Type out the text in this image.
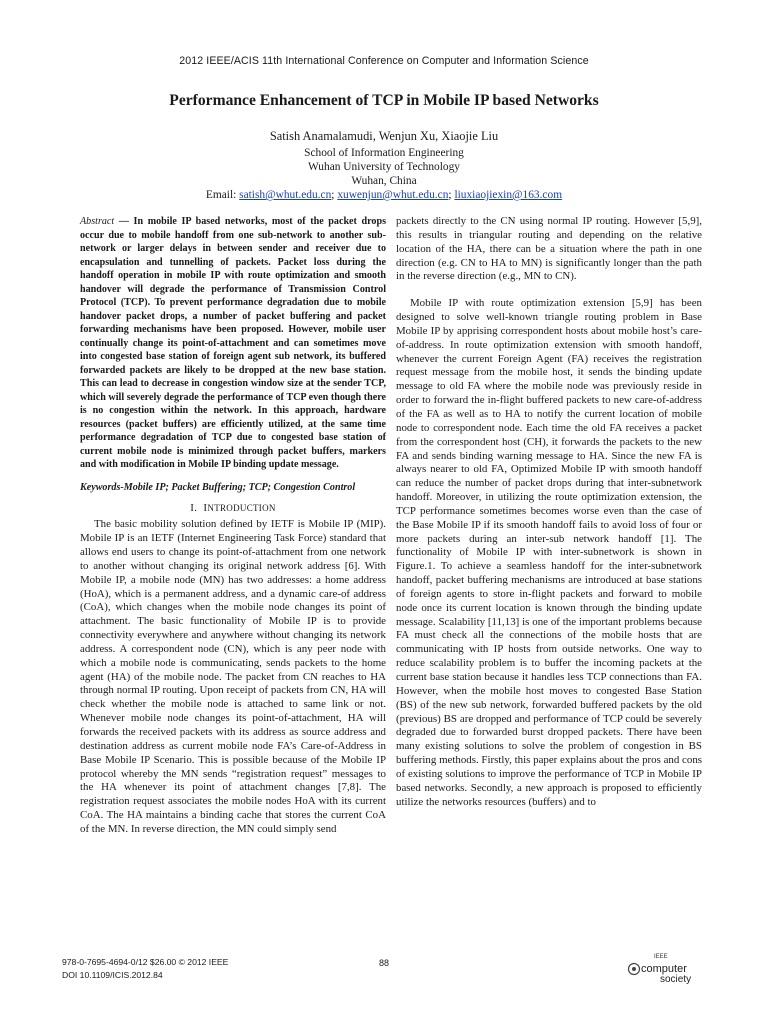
2012 IEEE/ACIS 11th International Conference on Computer and Information Science
Performance Enhancement of TCP in Mobile IP based Networks
Satish Anamalamudi, Wenjun Xu, Xiaojie Liu
School of Information Engineering
Wuhan University of Technology
Wuhan, China
Email: satish@whut.edu.cn; xuwenjun@whut.edu.cn; liuxiaojiexin@163.com
Abstract — In mobile IP based networks, most of the packet drops occur due to mobile handoff from one sub-network to another sub-network or larger delays in between sender and receiver due to encapsulation and tunnelling of packets. Packet loss during the handoff operation in mobile IP with route optimization and smooth handover will degrade the performance of Transmission Control Protocol (TCP). To prevent performance degradation due to mobile handover packet drops, a number of packet buffering and packet forwarding mechanisms have been proposed. However, mobile user continually change its point-of-attachment and can sometimes move into congested base station of foreign agent sub network, its buffered forwarded packets are likely to be dropped at the new base station. This can lead to decrease in congestion window size at the sender TCP, which will severely degrade the performance of TCP even though there is no congestion within the network. In this approach, hardware resources (packet buffers) are efficiently utilized, at the same time performance degradation of TCP due to congested base station of current mobile node is minimized through packet buffers, markers and with modification in Mobile IP binding update message.
Keywords-Mobile IP; Packet Buffering; TCP; Congestion Control
I. INTRODUCTION

The basic mobility solution defined by IETF is Mobile IP (MIP). Mobile IP is an IETF (Internet Engineering Task Force) standard that allows end users to change its point-of-attachment from one network to another without changing its original network address [6]. With Mobile IP, a mobile node (MN) has two addresses: a home address (HoA), which is a permanent address, and a dynamic care-of address (CoA), which changes when the mobile node changes its point of attachment. The basic functionality of Mobile IP is to provide connectivity everywhere and anywhere without changing its network address. A correspondent node (CN), which is any peer node with which a mobile node is communicating, sends packets to the home agent (HA) of the mobile node. The packet from CN reaches to HA through normal IP routing. Upon receipt of packets from CN, HA will check whether the mobile node is attached to same link or not. Whenever mobile node changes its point-of-attachment, HA will forwards the received packets with its address as source address and destination address as current mobile node FA’s Care-of-Address in Base Mobile IP Scenario. This is possible because of the Mobile IP protocol whereby the MN sends “registration request” messages to the HA whenever its point of attachment changes [7,8]. The registration request associates the mobile nodes HoA with its current CoA. The HA maintains a binding cache that stores the current CoA of the MN. In reverse direction, the MN could simply send

packets directly to the CN using normal IP routing. However [5,9], this results in triangular routing and depending on the relative location of the HA, there can be a situation where the path in one direction (e.g. CN to HA to MN) is significantly longer than the path in the reverse direction (e.g., MN to CN).

Mobile IP with route optimization extension [5,9] has been designed to solve well-known triangle routing problem in Base Mobile IP by apprising correspondent hosts about mobile host’s care-of-address. In route optimization extension with smooth handoff, whenever the current Foreign Agent (FA) receives the registration request message from the mobile host, it sends the binding update message to old FA where the mobile node was previously reside in order to forward the in-flight buffered packets to new care-of-address of the FA as well as to HA to notify the current location of mobile node to correspondent node. Each time the old FA receives a packet from the correspondent host (CH), it forwards the packets to the new FA and sends binding warning message to HA. Since the new FA is always nearer to old FA, Optimized Mobile IP with smooth handoff can reduce the number of packet drops during that inter-subnetwork handoff. Moreover, in utilizing the route optimization extension, the TCP performance sometimes becomes worse even than the case of the Base Mobile IP if its smooth handoff fails to avoid loss of four or more packets during an inter-sub network handoff [1]. The functionality of Mobile IP with inter-subnetwork is shown in Figure.1. To achieve a seamless handoff for the inter-subnetwork handoff, packet buffering mechanisms are introduced at base stations of foreign agents to store in-flight packets and forward to mobile node once its current location is known through the binding update message. Scalability [11,13] is one of the important problems because FA must check all the connections of the mobile hosts that are communicating with IP hosts from outside networks. One way to reduce scalability problem is to buffer the incoming packets at the current base station because it handles less TCP connections than FA. However, when the mobile host moves to congested Base Station (BS) of the new sub network, forwarded buffered packets by the old (previous) BS are dropped and performance of TCP could be severely degraded due to forwarded burst dropped packets. There have been many existing solutions to solve the problem of congestion in BS buffering methods. Firstly, this paper explains about the pros and cons of existing solutions to improve the performance of TCP in Mobile IP based networks. Secondly, a new approach is proposed to efficiently utilize the networks resources (buffers) and to

978-0-7695-4694-0/12 $26.00 © 2012 IEEE
DOI 10.1109/ICIS.2012.84
88
IEEE
computer
society
